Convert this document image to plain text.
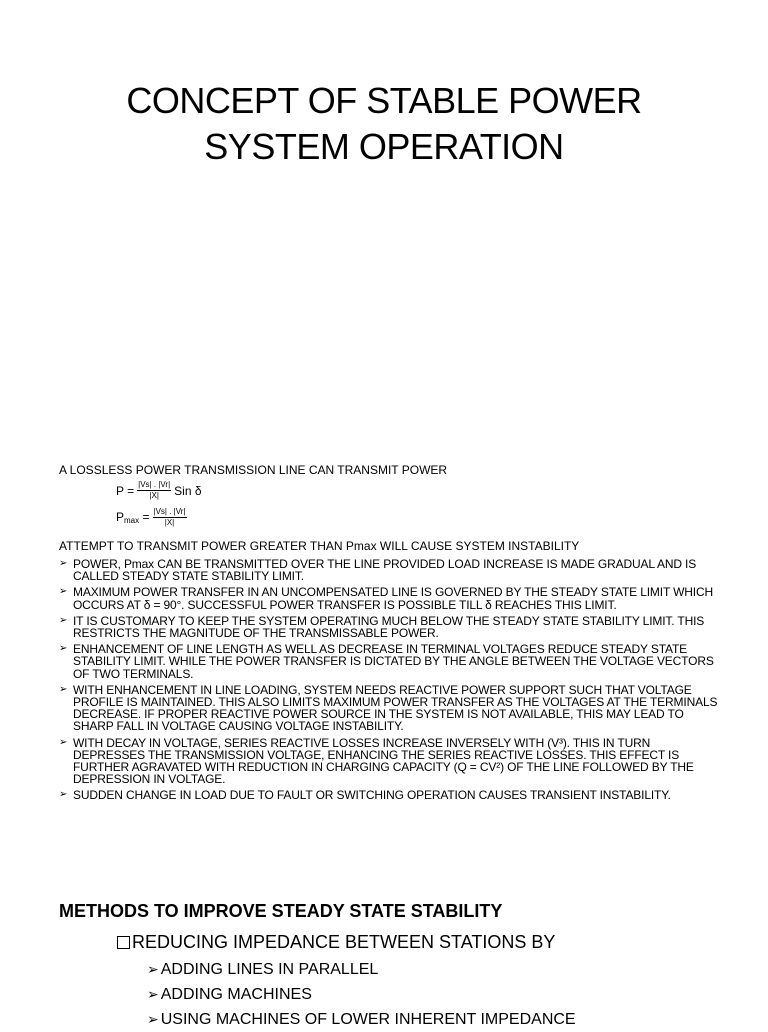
CONCEPT OF STABLE POWER
SYSTEM OPERATION
A LOSSLESS POWER TRANSMISSION LINE CAN TRANSMIT POWER
$P = \frac{|Vs| . |Vr|}{|X|}$ Sin δ
$P_{max} = \frac{|Vs| . |Vr|}{|X|}$
ATTEMPT TO TRANSMIT POWER GREATER THAN Pmax WILL CAUSE SYSTEM INSTABILITY
➢ POWER, Pmax CAN BE TRANSMITTED OVER THE LINE PROVIDED LOAD INCREASE IS MADE GRADUAL AND IS CALLED STEADY STATE STABILITY LIMIT.
➢ MAXIMUM POWER TRANSFER IN AN UNCOMPENSATED LINE IS GOVERNED BY THE STEADY STATE LIMIT WHICH OCCURS AT δ = 90°. SUCCESSFUL POWER TRANSFER IS POSSIBLE TILL δ REACHES THIS LIMIT.
➢ IT IS CUSTOMARY TO KEEP THE SYSTEM OPERATING MUCH BELOW THE STEADY STATE STABILITY LIMIT. THIS RESTRICTS THE MAGNITUDE OF THE TRANSMISSABLE POWER.
➢ ENHANCEMENT OF LINE LENGTH AS WELL AS DECREASE IN TERMINAL VOLTAGES REDUCE STEADY STATE STABILITY LIMIT. WHILE THE POWER TRANSFER IS DICTATED BY THE ANGLE BETWEEN THE VOLTAGE VECTORS OF TWO TERMINALS.
➢ WITH ENHANCEMENT IN LINE LOADING, SYSTEM NEEDS REACTIVE POWER SUPPORT SUCH THAT VOLTAGE PROFILE IS MAINTAINED. THIS ALSO LIMITS MAXIMUM POWER TRANSFER AS THE VOLTAGES AT THE TERMINALS DECREASE. IF PROPER REACTIVE POWER SOURCE IN THE SYSTEM IS NOT AVAILABLE, THIS MAY LEAD TO SHARP FALL IN VOLTAGE CAUSING VOLTAGE INSTABILITY.
➢ WITH DECAY IN VOLTAGE, SERIES REACTIVE LOSSES INCREASE INVERSELY WITH (V³). THIS IN TURN DEPRESSES THE TRANSMISSION VOLTAGE, ENHANCING THE SERIES REACTIVE LOSSES. THIS EFFECT IS FURTHER AGRAVATED WITH REDUCTION IN CHARGING CAPACITY (Q = CV²) OF THE LINE FOLLOWED BY THE DEPRESSION IN VOLTAGE.
➢ SUDDEN CHANGE IN LOAD DUE TO FAULT OR SWITCHING OPERATION CAUSES TRANSIENT INSTABILITY.
METHODS TO IMPROVE STEADY STATE STABILITY
REDUCING IMPEDANCE BETWEEN STATIONS BY
➢ ADDING LINES IN PARALLEL
➢ ADDING MACHINES
➢ USING MACHINES OF LOWER INHERENT IMPEDANCE
